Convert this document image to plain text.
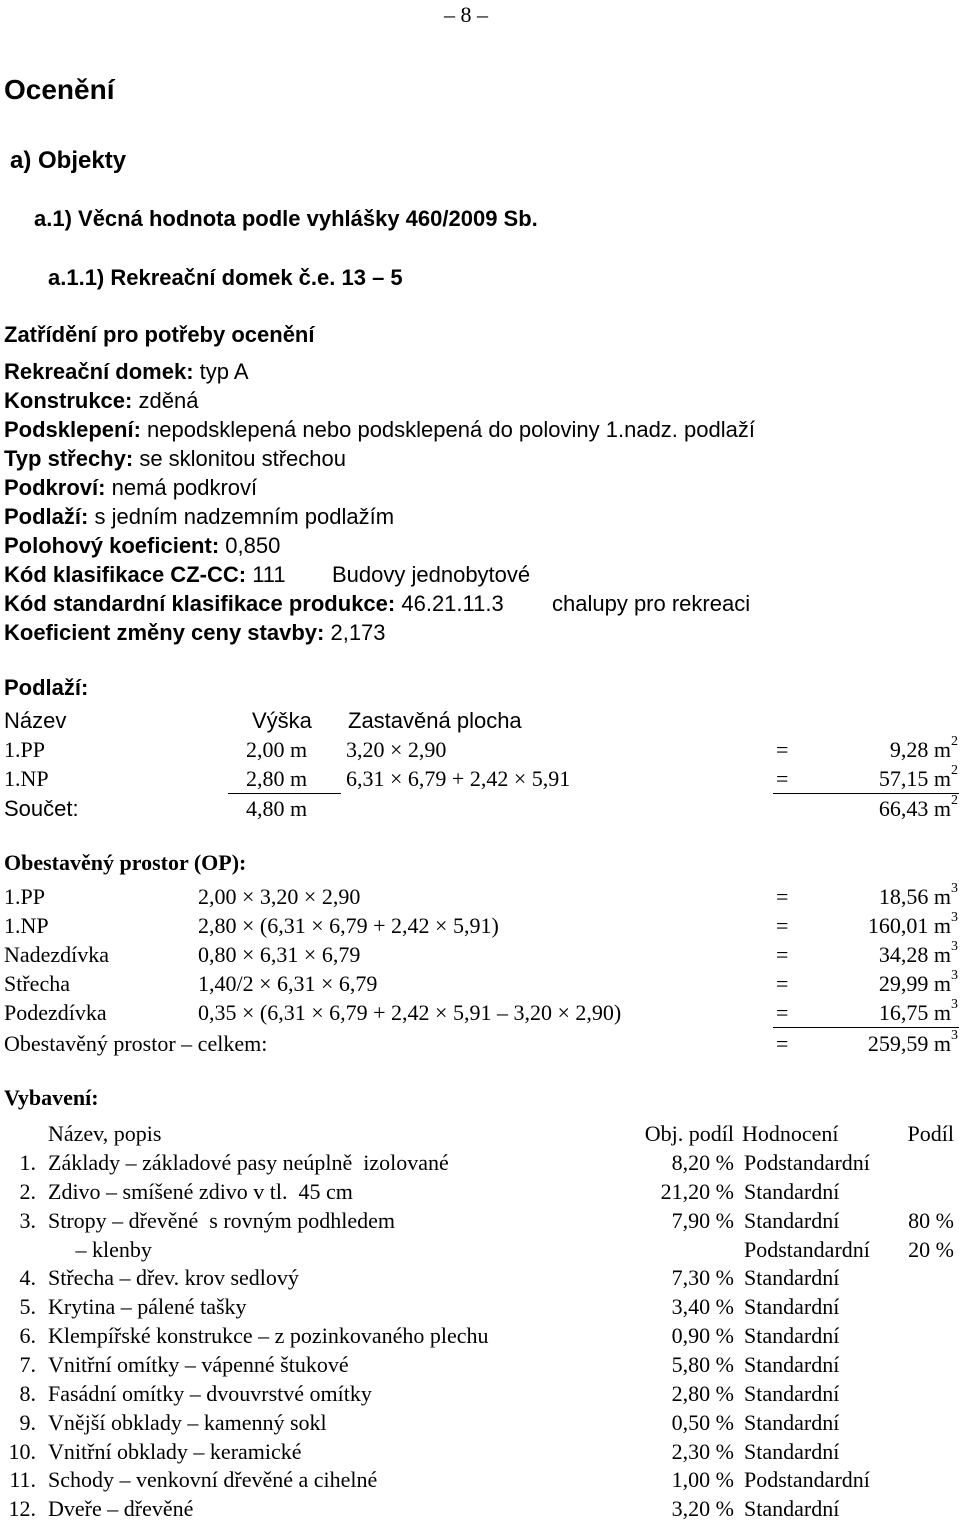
– 8 –
Ocenění
a) Objekty
a.1) Věcná hodnota podle vyhlášky 460/2009 Sb.
a.1.1) Rekreační domek č.e. 13 – 5
Zatřídění pro potřeby ocenění
Rekreační domek: typ A
Konstrukce: zděná
Podsklepení: nepodsklepená nebo podsklepená do poloviny 1.nadz. podlaží
Typ střechy: se sklonitou střechou
Podkroví: nemá podkroví
Podlaží: s jedním nadzemním podlažím
Polohový koeficient: 0,850
Kód klasifikace CZ-CC: 111 Budovy jednobytové
Kód standardní klasifikace produkce: 46.21.11.3 chalupy pro rekreaci
Koeficient změny ceny stavby: 2,173
Podlaží:
Název	Výška Zastavěná plocha
1.PP	2,00 m 3,20 × 2,90	=	9,28 $m^2$
1.NP	2,80 m 6,31 × 6,79 + 2,42 × 5,91	=	57,15 $m^2$
Součet:	4,80 m	66,43 $m^2$
Obestavěný prostor (OP):
1.PP	2,00 × 3,20 × 2,90	=	18,56 $m^3$
1.NP	2,80 × (6,31 × 6,79 + 2,42 × 5,91)	=	160,01 $m^3$
Nadezdívka	0,80 × 6,31 × 6,79	=	34,28 $m^3$
Střecha	1,40/2 × 6,31 × 6,79	=	29,99 $m^3$
Podezdívka	0,35 × (6,31 × 6,79 + 2,42 × 5,91 – 3,20 × 2,90)	=	16,75 $m^3$
Obestavěný prostor – celkem:	=	259,59 $m^3$
Vybavení:
Název, popis	Obj. podíl Hodnocení	Podíl
1. Základy – základové pasy neúplně  izolované	8,20 % Podstandardní
2. Zdivo – smíšené zdivo v tl.  45 cm	21,20 % Standardní
3. Stropy – dřevěné  s rovným podhledem	7,90 % Standardní	80 %
– klenby	Podstandardní	20 %
4. Střecha – dřev. krov sedlový	7,30 % Standardní
5. Krytina – pálené tašky	3,40 % Standardní
6. Klempířské konstrukce – z pozinkovaného plechu	0,90 % Standardní
7. Vnitřní omítky – vápenné štukové	5,80 % Standardní
8. Fasádní omítky – dvouvrstvé omítky	2,80 % Standardní
9. Vnější obklady – kamenný sokl	0,50 % Standardní
10. Vnitřní obklady – keramické	2,30 % Standardní
11. Schody – venkovní dřevěné a cihelné	1,00 % Podstandardní
12. Dveře – dřevěné	3,20 % Standardní
